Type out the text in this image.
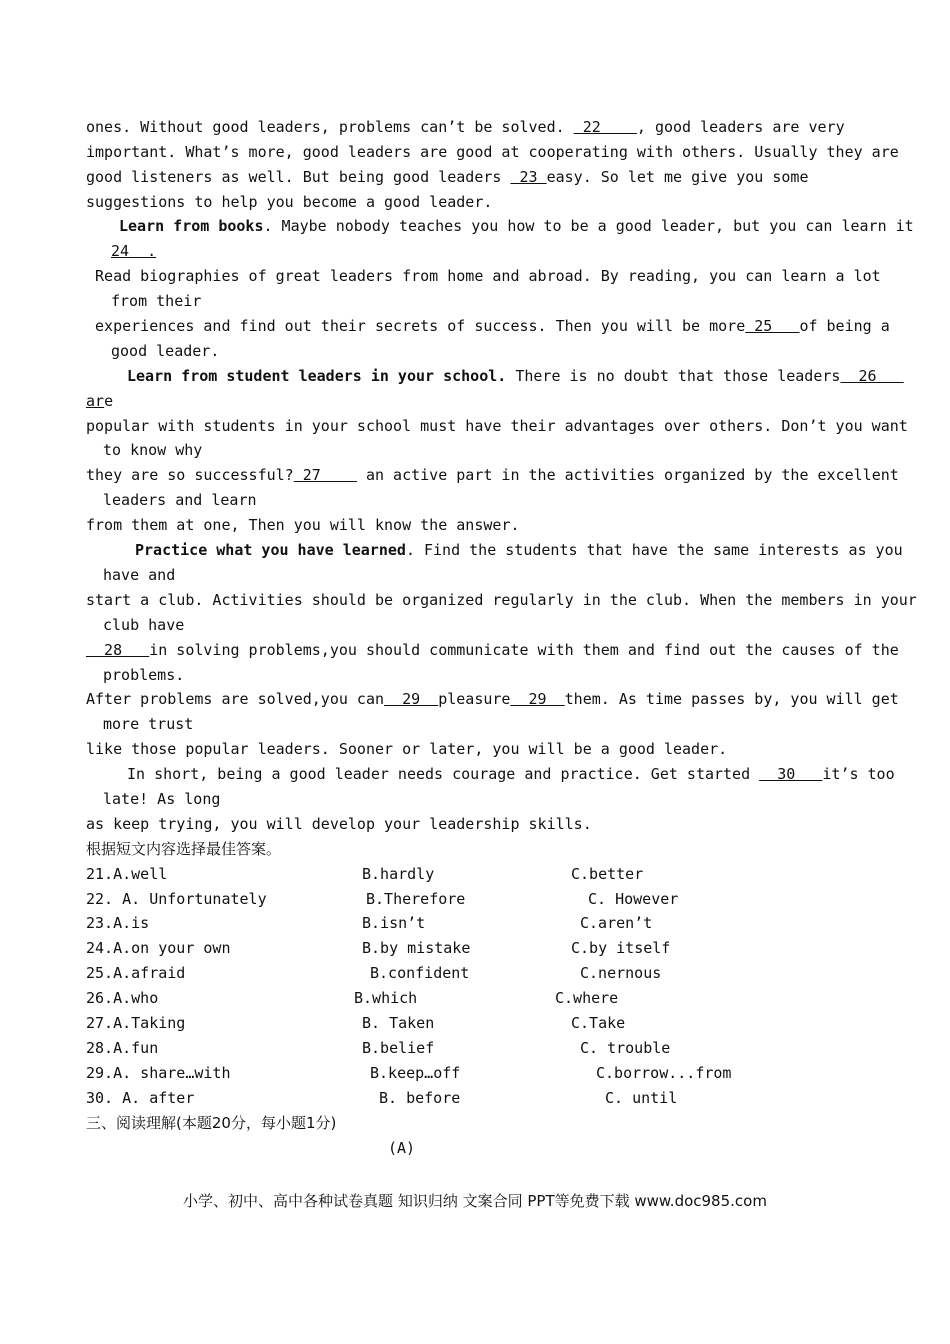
ones. Without good leaders, problems can’t be solved.  22    , good leaders are very
important. What’s more, good leaders are good at cooperating with others. Usually they are
good listeners as well. But being good leaders  23 easy. So let me give you some
suggestions to help you become a good leader.
Learn from books. Maybe nobody teaches you how to be a good leader, but you can learn it
24  .
Read biographies of great leaders from home and abroad. By reading, you can learn a lot
from their
experiences and find out their secrets of success. Then you will be more 25   of being a
good leader.
Learn from student leaders in your school. There is no doubt that those leaders  26
are
popular with students in your school must have their advantages over others. Don’t you want
to know why
they are so successful? 27     an active part in the activities organized by the excellent
leaders and learn
from them at one, Then you will know the answer.
Practice what you have learned. Find the students that have the same interests as you
have and
start a club. Activities should be organized regularly in the club. When the members in your
club have
28   in solving problems,you should communicate with them and find out the causes of the
problems.
After problems are solved,you can  29  pleasure  29  them. As time passes by, you will get
more trust
like those popular leaders. Sooner or later, you will be a good leader.
In short, being a good leader needs courage and practice. Get started   30   it’s too
late! As long
as keep trying, you will develop your leadership skills.
根据短文内容选择最佳答案。
21.A.well	B.hardly	C.better
22. A. Unfortunately	B.Therefore	C. However
23.A.is	B.isn’t	C.aren’t
24.A.on your own	B.by mistake	C.by itself
25.A.afraid	B.confident	C.nernous
26.A.who	B.which	C.where
27.A.Taking	B. Taken	C.Take
28.A.fun	B.belief	C. trouble
29.A. share…with	B.keep…off	C.borrow...from
30. A. after	B. before	C. until
三、阅读理解(本题20分，每小题1分)
(A)
小学、初中、高中各种试卷真题 知识归纳 文案合同 PPT等免费下载 www.doc985.com
